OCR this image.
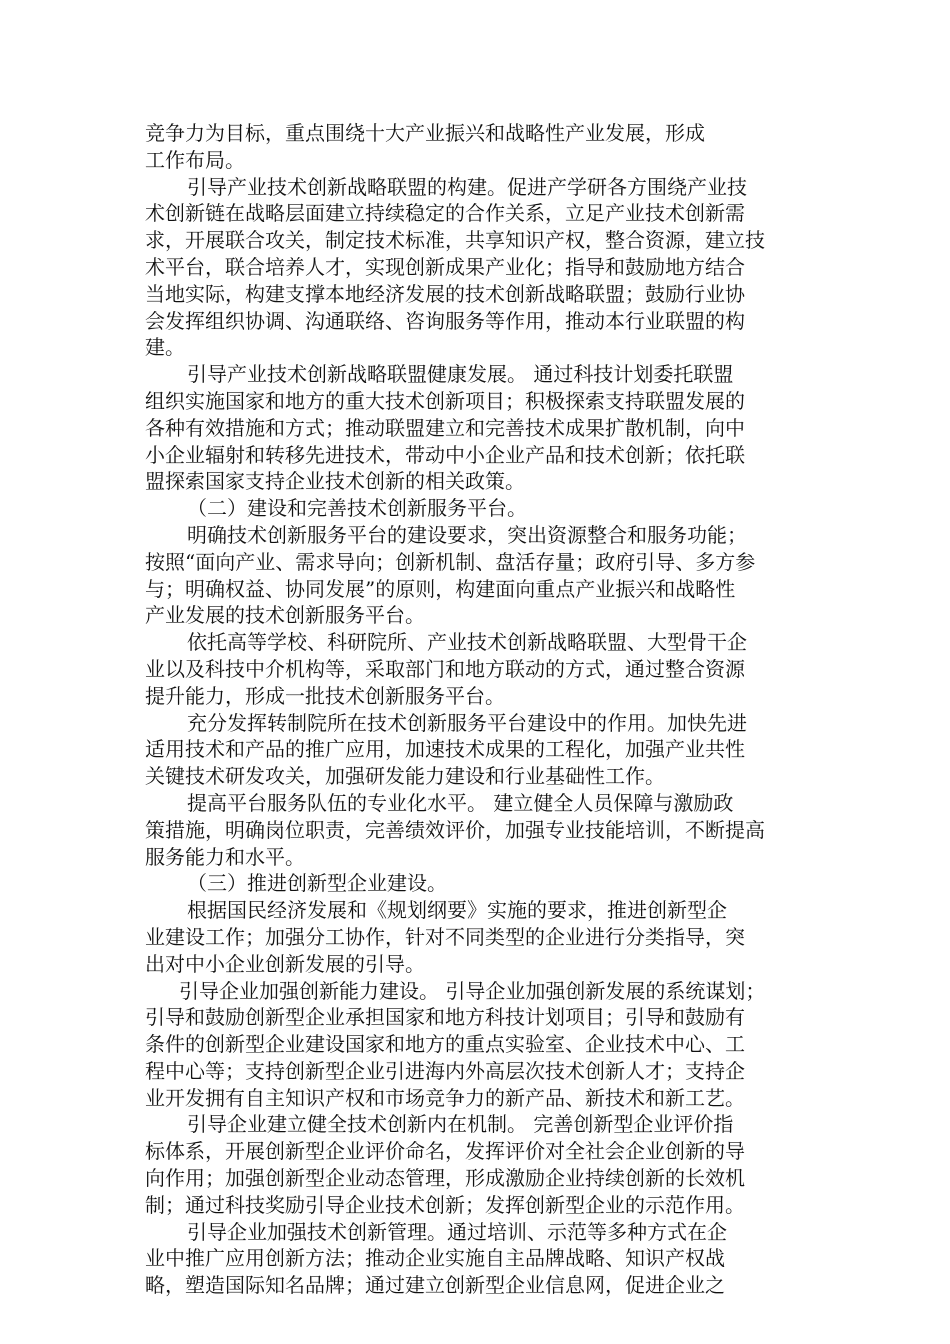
竞争力为目标，重点围绕十大产业振兴和战略性产业发展，形成
工作布局。
引导产业技术创新战略联盟的构建。促进产学研各方围绕产业技
术创新链在战略层面建立持续稳定的合作关系，立足产业技术创新需
求，开展联合攻关，制定技术标准，共享知识产权，整合资源，建立技
术平台，联合培养人才，实现创新成果产业化；指导和鼓励地方结合
当地实际，构建支撑本地经济发展的技术创新战略联盟；鼓励行业协
会发挥组织协调、沟通联络、咨询服务等作用，推动本行业联盟的构
建。
引导产业技术创新战略联盟健康发展。 通过科技计划委托联盟
组织实施国家和地方的重大技术创新项目；积极探索支持联盟发展的
各种有效措施和方式；推动联盟建立和完善技术成果扩散机制，向中
小企业辐射和转移先进技术，带动中小企业产品和技术创新；依托联
盟探索国家支持企业技术创新的相关政策。
（二）建设和完善技术创新服务平台。
明确技术创新服务平台的建设要求，突出资源整合和服务功能；
按照“面向产业、需求导向；创新机制、盘活存量；政府引导、多方参
与；明确权益、协同发展”的原则，构建面向重点产业振兴和战略性
产业发展的技术创新服务平台。
依托高等学校、科研院所、产业技术创新战略联盟、大型骨干企
业以及科技中介机构等，采取部门和地方联动的方式，通过整合资源
提升能力，形成一批技术创新服务平台。
充分发挥转制院所在技术创新服务平台建设中的作用。加快先进
适用技术和产品的推广应用，加速技术成果的工程化，加强产业共性
关键技术研发攻关，加强研发能力建设和行业基础性工作。
提高平台服务队伍的专业化水平。 建立健全人员保障与激励政
策措施，明确岗位职责，完善绩效评价，加强专业技能培训，不断提高
服务能力和水平。
（三）推进创新型企业建设。
根据国民经济发展和《规划纲要》实施的要求，推进创新型企
业建设工作；加强分工协作，针对不同类型的企业进行分类指导，突
出对中小企业创新发展的引导。
引导企业加强创新能力建设。 引导企业加强创新发展的系统谋划；
引导和鼓励创新型企业承担国家和地方科技计划项目；引导和鼓励有
条件的创新型企业建设国家和地方的重点实验室、企业技术中心、工
程中心等；支持创新型企业引进海内外高层次技术创新人才；支持企
业开发拥有自主知识产权和市场竞争力的新产品、新技术和新工艺。
引导企业建立健全技术创新内在机制。 完善创新型企业评价指
标体系，开展创新型企业评价命名，发挥评价对全社会企业创新的导
向作用；加强创新型企业动态管理，形成激励企业持续创新的长效机
制；通过科技奖励引导企业技术创新；发挥创新型企业的示范作用。
引导企业加强技术创新管理。通过培训、示范等多种方式在企
业中推广应用创新方法；推动企业实施自主品牌战略、知识产权战
略，塑造国际知名品牌；通过建立创新型企业信息网，促进企业之
